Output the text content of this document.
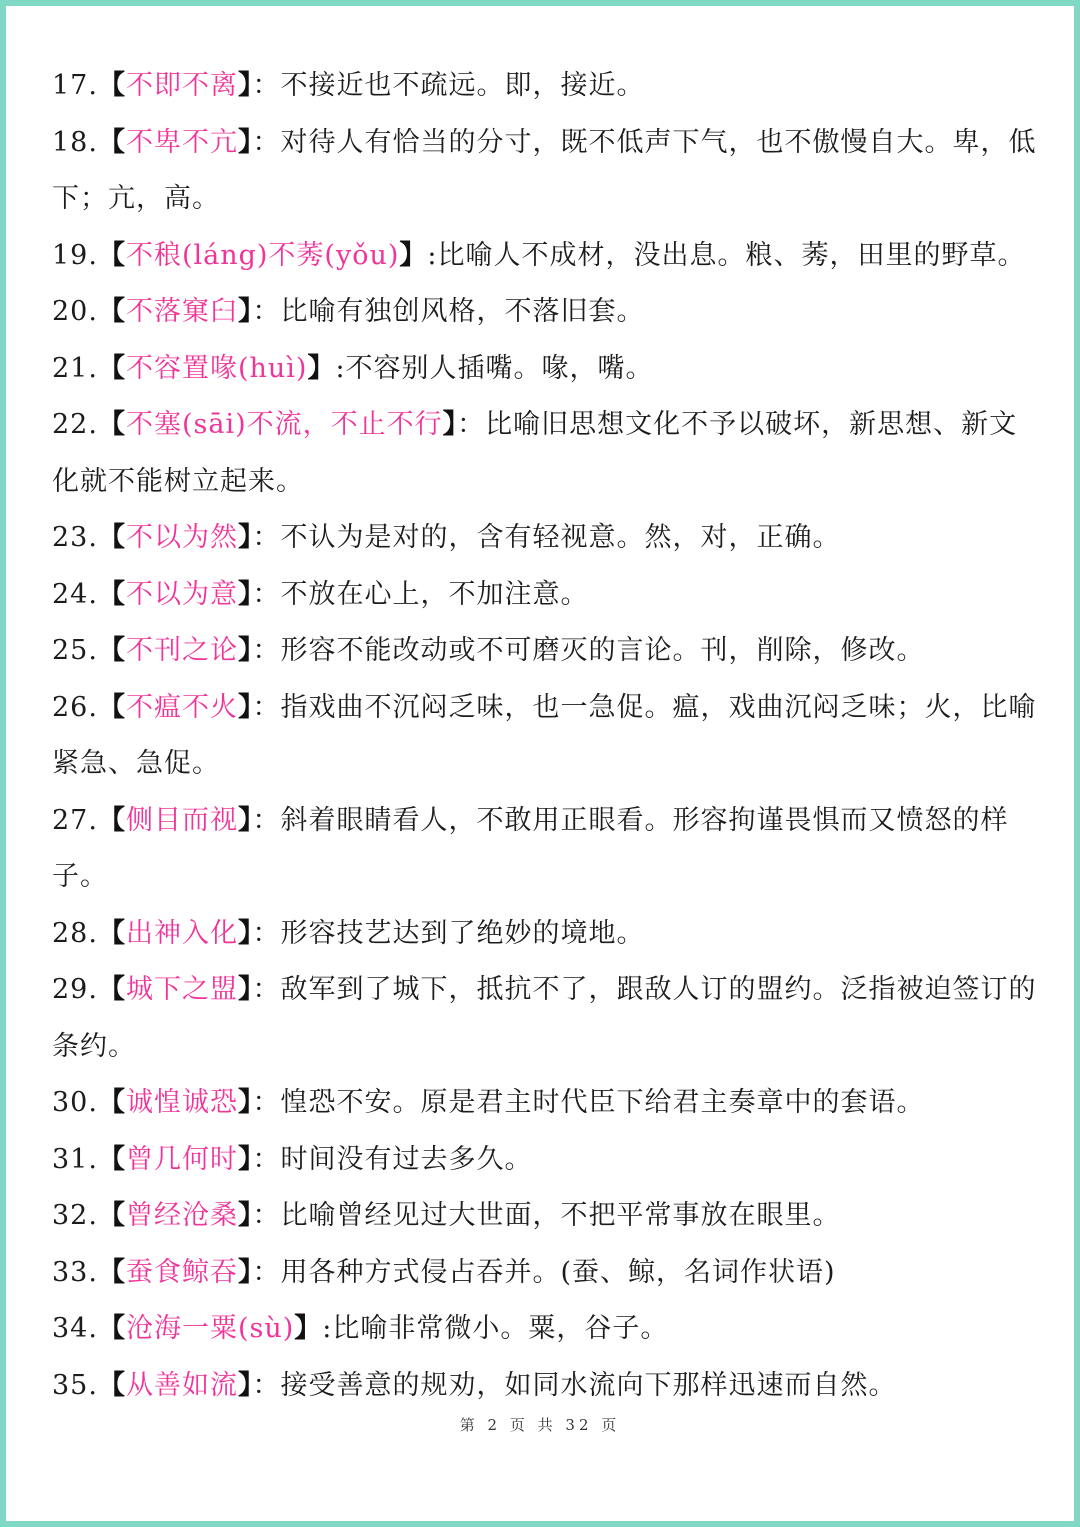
17.【不即不离】：不接近也不疏远。即，接近。

18.【不卑不亢】：对待人有恰当的分寸，既不低声下气，也不傲慢自大。卑，低下；亢，高。

19.【不稂(láng)不莠(yǒu)】:比喻人不成材，没出息。粮、莠，田里的野草。

20.【不落窠臼】：比喻有独创风格，不落旧套。

21.【不容置喙(huì)】:不容别人插嘴。喙，嘴。

22.【不塞(sāi)不流，不止不行】：比喻旧思想文化不予以破坏，新思想、新文化就不能树立起来。

23.【不以为然】：不认为是对的，含有轻视意。然，对，正确。

24.【不以为意】：不放在心上，不加注意。

25.【不刊之论】：形容不能改动或不可磨灭的言论。刊，削除，修改。

26.【不瘟不火】：指戏曲不沉闷乏味，也一急促。瘟，戏曲沉闷乏味；火，比喻紧急、急促。

27.【侧目而视】：斜着眼睛看人，不敢用正眼看。形容拘谨畏惧而又愤怒的样子。

28.【出神入化】：形容技艺达到了绝妙的境地。

29.【城下之盟】：敌军到了城下，抵抗不了，跟敌人订的盟约。泛指被迫签订的条约。

30.【诚惶诚恐】：惶恐不安。原是君主时代臣下给君主奏章中的套语。

31.【曾几何时】：时间没有过去多久。

32.【曾经沧桑】：比喻曾经见过大世面，不把平常事放在眼里。

33.【蚕食鲸吞】：用各种方式侵占吞并。(蚕、鲸，名词作状语)

34.【沧海一粟(sù)】:比喻非常微小。粟，谷子。

35.【从善如流】：接受善意的规劝，如同水流向下那样迅速而自然。

第 2 页 共 32 页
